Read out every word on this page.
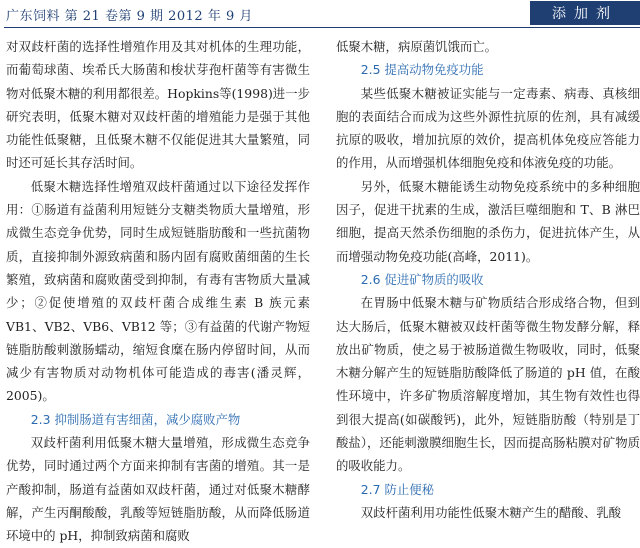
广东饲料 第 21 卷第 9 期 2012 年 9 月	添加剂

对双歧杆菌的选择性增殖作用及其对机体的生理功能，而葡萄球菌、埃希氏大肠菌和梭状芽孢杆菌等有害微生物对低聚木糖的利用都很差。Hopkins等(1998)进一步研究表明，低聚木糖对双歧杆菌的增殖能力是强于其他功能性低聚糖，且低聚木糖不仅能促进其大量繁殖，同时还可延长其存活时间。

低聚木糖选择性增殖双歧杆菌通过以下途径发挥作用：①肠道有益菌利用短链分支糖类物质大量增殖，形成微生态竞争优势，同时生成短链脂肪酸和一些抗菌物质，直接抑制外源致病菌和肠内固有腐败菌细菌的生长繁殖，致病菌和腐败菌受到抑制，有毒有害物质大量减少；②促使增殖的双歧杆菌合成维生素 B 族元素 VB1、VB2、VB6、VB12 等；③有益菌的代谢产物短链脂肪酸刺激肠蠕动，缩短食糜在肠内停留时间，从而减少有害物质对动物机体可能造成的毒害(潘灵辉，2005)。

2.3 抑制肠道有害细菌，减少腐败产物

双歧杆菌利用低聚木糖大量增殖，形成微生态竞争优势，同时通过两个方面来抑制有害菌的增殖。其一是产酸抑制，肠道有益菌如双歧杆菌，通过对低聚木糖酵解，产生丙酮酸酸，乳酸等短链脂肪酸，从而降低肠道环境中的 pH，抑制致病菌和腐败

低聚木糖，病原菌饥饿而亡。

2.5 提高动物免疫功能

某些低聚木糖被证实能与一定毒素、病毒、真核细胞的表面结合而成为这些外源性抗原的佐剂，具有减缓抗原的吸收，增加抗原的效价，提高机体免疫应答能力的作用，从而增强机体细胞免疫和体液免疫的功能。

另外，低聚木糖能诱生动物免疫系统中的多种细胞因子，促进干扰素的生成，激活巨噬细胞和 T、B 淋巴细胞，提高天然杀伤细胞的杀伤力，促进抗体产生，从而增强动物免疫功能(高峰，2011)。

2.6 促进矿物质的吸收

在胃肠中低聚木糖与矿物质结合形成络合物，但到达大肠后，低聚木糖被双歧杆菌等微生物发酵分解，释放出矿物质，使之易于被肠道微生物吸收，同时，低聚木糖分解产生的短链脂肪酸降低了肠道的 pH 值，在酸性环境中，许多矿物质溶解度增加，其生物有效性也得到很大提高(如碳酸钙)，此外，短链脂肪酸（特别是丁酸盐），还能刺激膜细胞生长，因而提高肠粘膜对矿物质的吸收能力。

2.7 防止便秘

双歧杆菌利用功能性低聚木糖产生的醋酸、乳酸
